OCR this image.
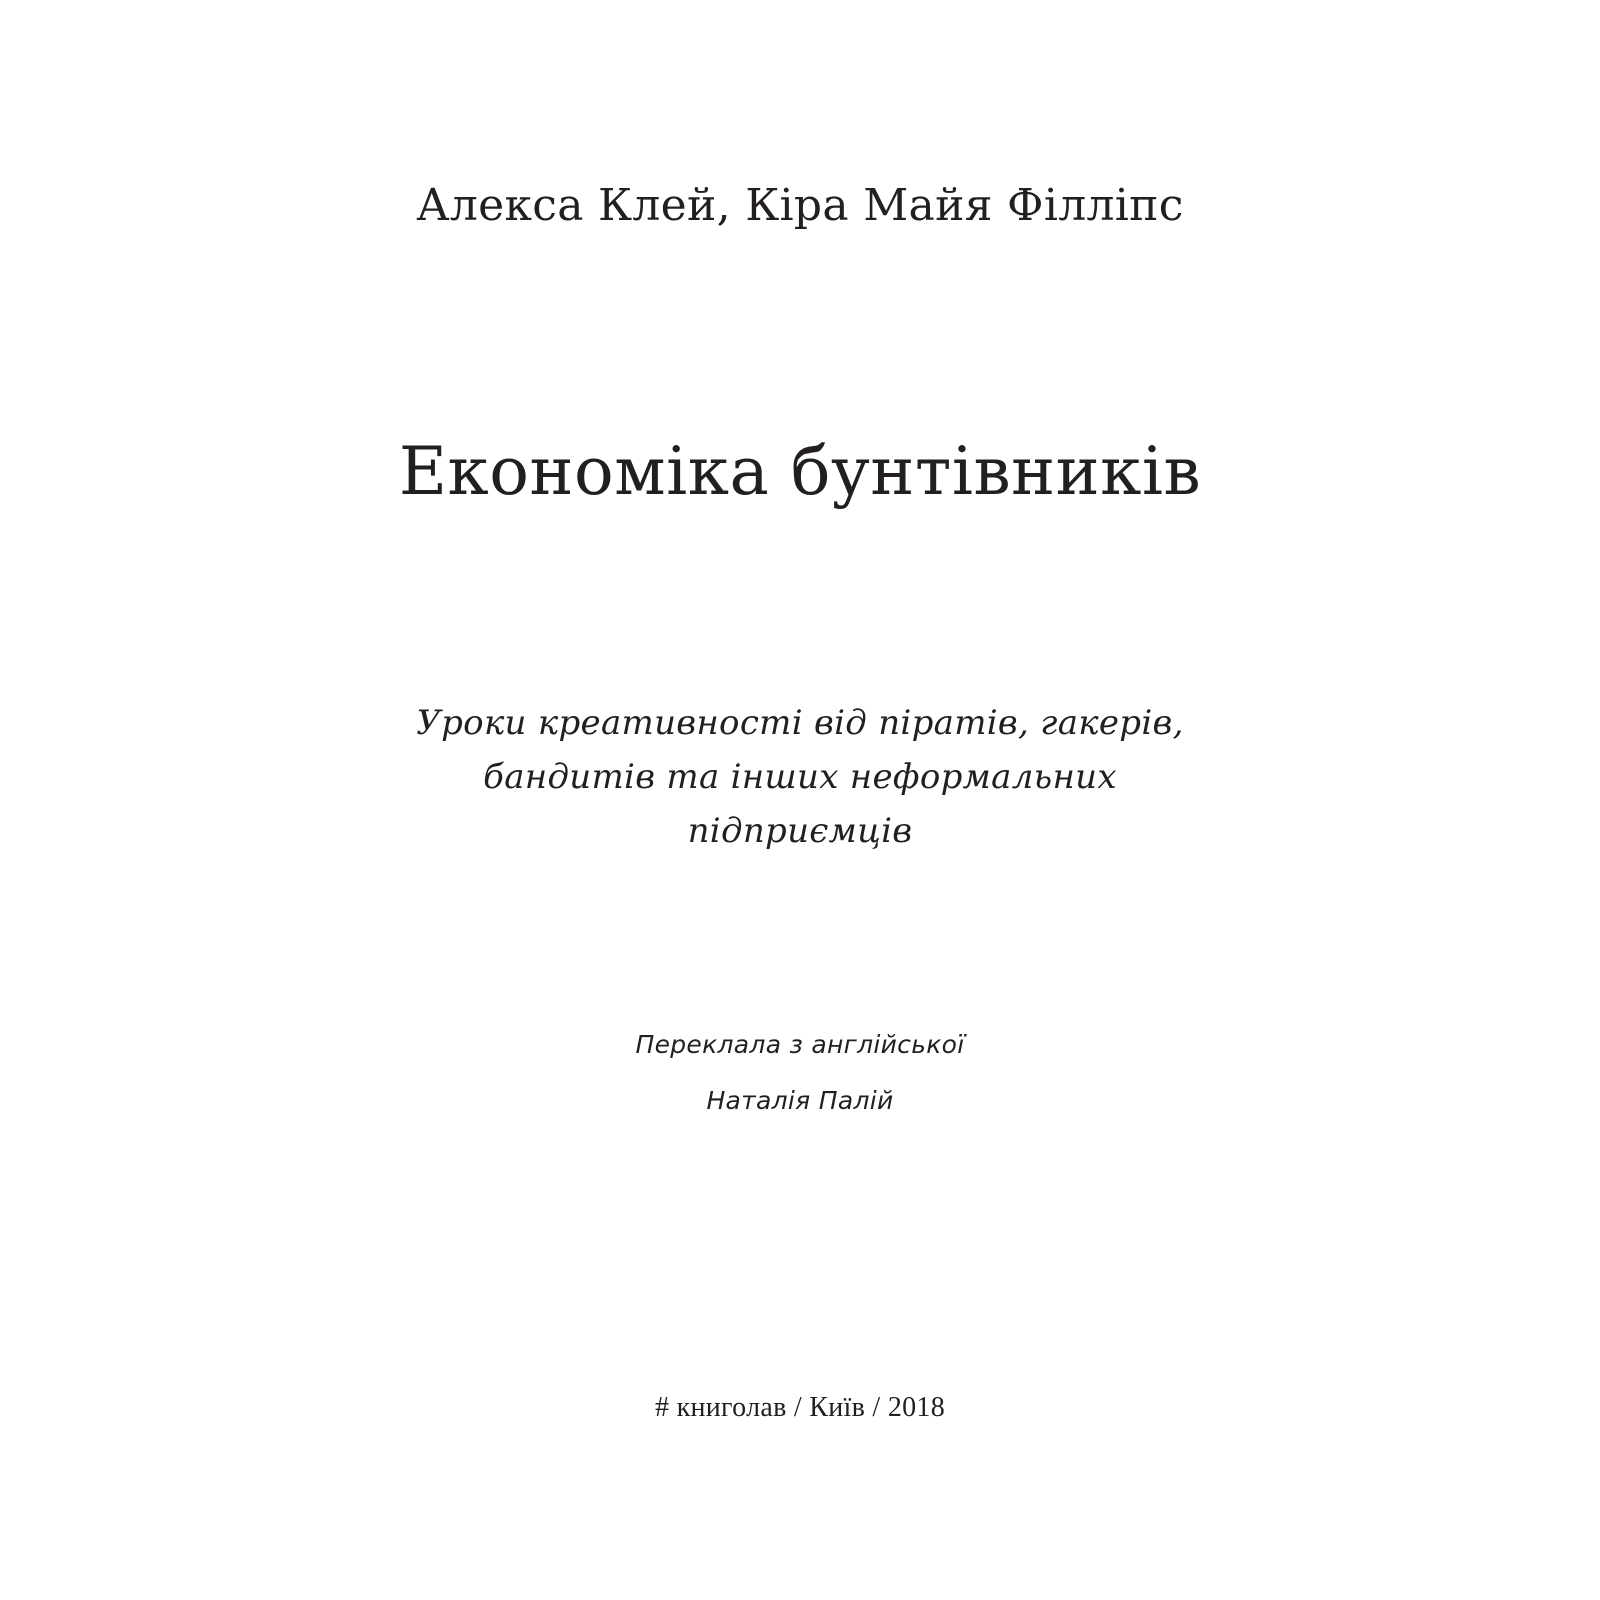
Алекса Клей, Кіра Майя Філліпс

Економіка бунтівників

Уроки креативності від піратів, гакерів,

бандитів та інших неформальних

підприємців

Переклала з англійської

Наталія Палій

# книголав / Київ / 2018
